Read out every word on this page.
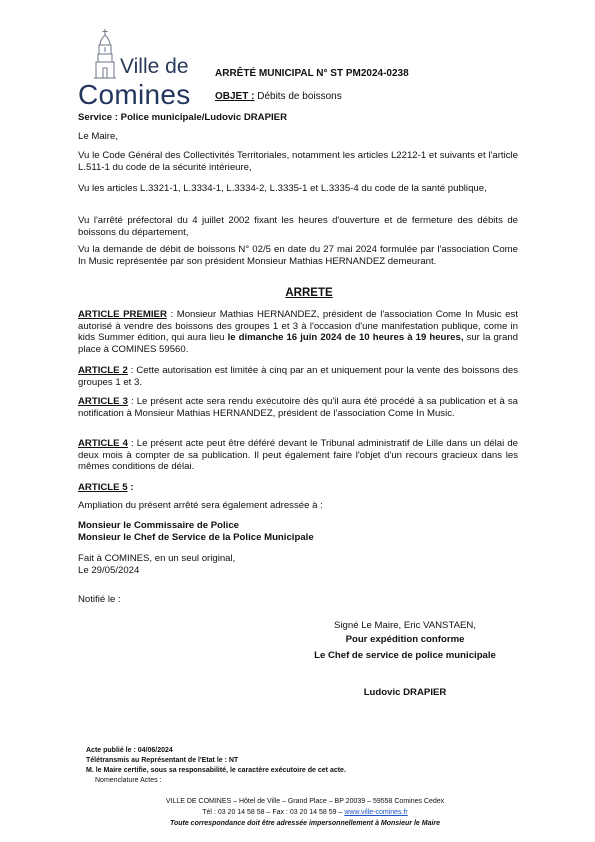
Ville de
Comines
ARRÊTÉ MUNICIPAL N° ST PM2024-0238
OBJET : Débits de boissons
Service : Police municipale/Ludovic DRAPIER
Le Maire,
Vu le Code Général des Collectivités Territoriales, notamment les articles L2212-1 et suivants et l'article L.511-1 du code de la sécurité intérieure,
Vu les articles L.3321-1, L.3334-1, L.3334-2, L.3335-1 et L.3335-4 du code de la santé publique,
Vu l'arrêté préfectoral du 4 juillet 2002 fixant les heures d'ouverture et de fermeture des débits de boissons du département,
Vu la demande de débit de boissons N° 02/5 en date du 27 mai 2024 formulée par l'association Come In Music représentée par son président Monsieur Mathias HERNANDEZ demeurant.
ARRETE
ARTICLE PREMIER : Monsieur Mathias HERNANDEZ, président de l'association Come In Music est autorisé à vendre des boissons des groupes 1 et 3 à l'occasion d'une manifestation publique, come in kids Summer édition, qui aura lieu le dimanche 16 juin 2024 de 10 heures à 19 heures, sur la grand place à COMINES 59560.
ARTICLE 2 : Cette autorisation est limitée à cinq par an et uniquement pour la vente des boissons des groupes 1 et 3.
ARTICLE 3 : Le présent acte sera rendu exécutoire dès qu'il aura été procédé à sa publication et à sa notification à Monsieur Mathias HERNANDEZ, président de l'association Come In Music.
ARTICLE 4 : Le présent acte peut être déféré devant le Tribunal administratif de Lille dans un délai de deux mois à compter de sa publication. Il peut également faire l'objet d'un recours gracieux dans les mêmes conditions de délai.
ARTICLE 5 :
Ampliation du présent arrêté sera également adressée à :
Monsieur le Commissaire de Police
Monsieur le Chef de Service de la Police Municipale
Fait à COMINES, en un seul original,
Le 29/05/2024
Notifié le :
Signé Le Maire, Eric VANSTAEN,
Pour expédition conforme
Le Chef de service de police municipale
Ludovic DRAPIER
Acte publié le : 04/06/2024
Télétransmis au Représentant de l'Etat le : NT
M. le Maire certifie, sous sa responsabilité, le caractère exécutoire de cet acte.
Nomenclature Actes :
VILLE DE COMINES – Hôtel de Ville – Grand Place – BP 20039 – 59558 Comines Cedex
Tél : 03 20 14 58 58 – Fax : 03 20 14 58 59 – www.ville-comines.fr
Toute correspondance doit être adressée impersonnellement à Monsieur le Maire
